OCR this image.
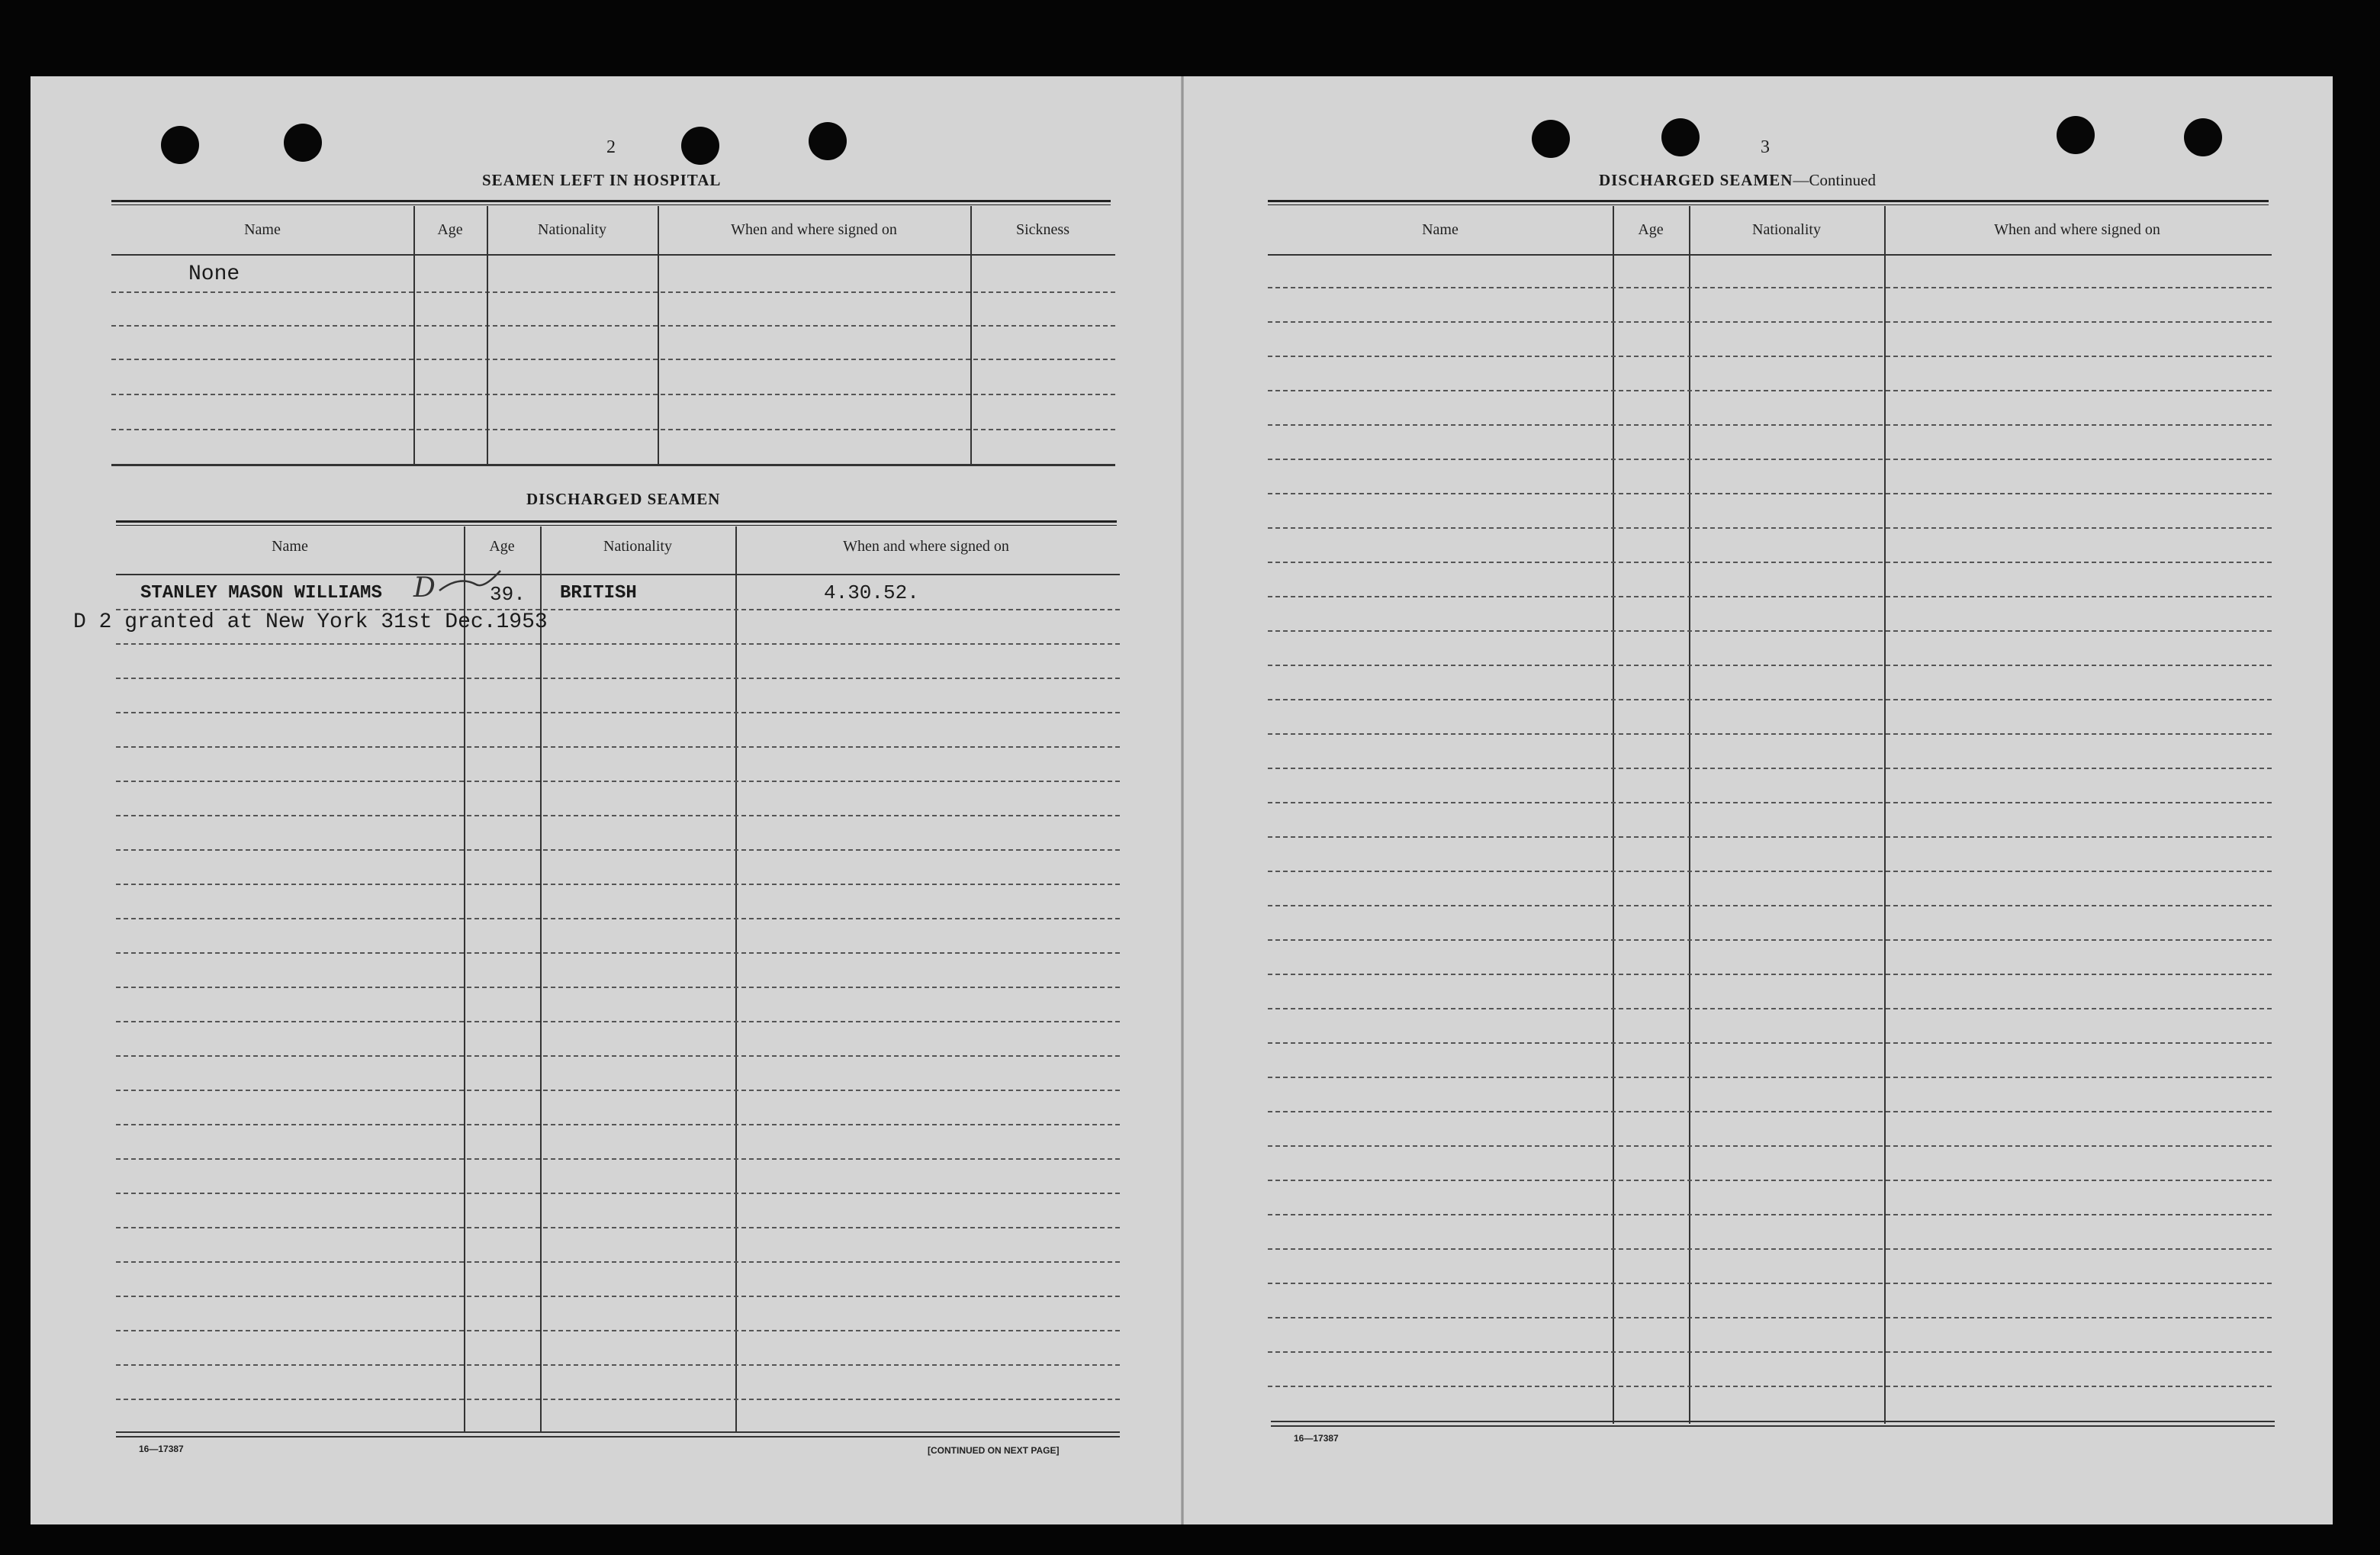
2
SEAMEN LEFT IN HOSPITAL
Name	Age	Nationality	When and where signed on	Sickness
None
DISCHARGED SEAMEN
Name	Age	Nationality	When and where signed on
STANLEY MASON WILLIAMS D	39. BRITISH	4.30.52.
D 2 granted at New York 31st Dec.1953
16—17387	[CONTINUED ON NEXT PAGE]
3
DISCHARGED SEAMEN—Continued
Name	Age	Nationality	When and where signed on
16—17387
